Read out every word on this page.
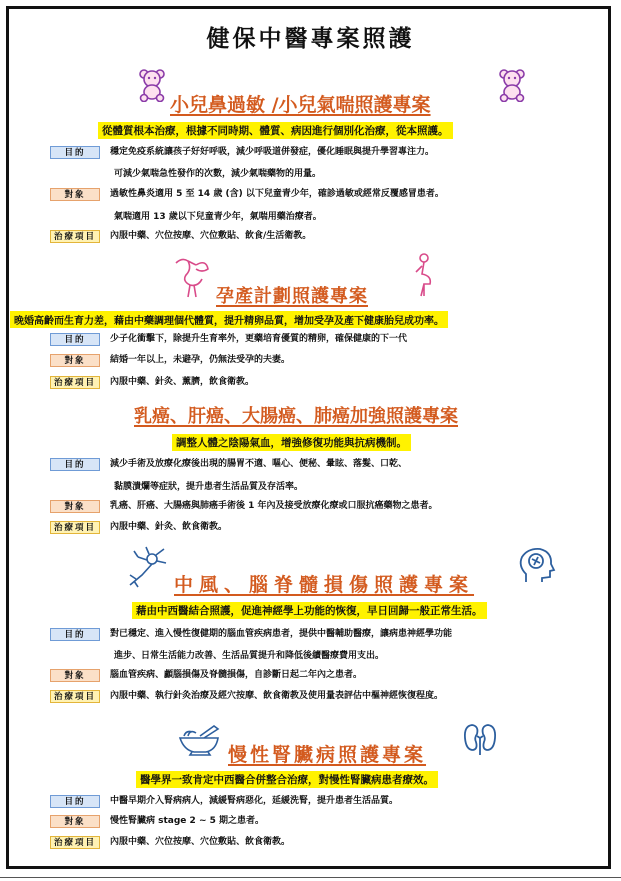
健保中醫專案照護
小兒鼻過敏 /小兒氣喘照護專案
從體質根本治療，根據不同時期、體質、病因進行個別化治療，從本照護。
目的	穩定免疫系統讓孩子好好呼吸，減少呼吸道併發症，優化睡眠與提升學習專注力。
可減少氣喘急性發作的次數，減少氣喘藥物的用量。
對象	過敏性鼻炎適用 5 至 14 歲 (含) 以下兒童青少年，確診過敏或經常反覆感冒患者。
氣喘適用 13 歲以下兒童青少年，氣喘用藥治療者。
治療項目	內服中藥、穴位按摩、穴位敷貼、飲食/生活衛教。
孕產計劃照護專案
晚婚高齡而生育力差，藉由中藥調理個代體質，提升精卵品質，增加受孕及產下健康胎兒成功率。
目的	少子化衝擊下，除提升生育率外，更藥培育優質的精卵，確保健康的下一代
對象	結婚一年以上，未避孕，仍無法受孕的夫妻。
治療項目	內服中藥、針灸、薰臍，飲食衛教。
乳癌、肝癌、大腸癌、肺癌加強照護專案
調整人體之陰陽氣血，增強修復功能與抗病機制。
目的	減少手術及放療化療後出現的腸胃不適、嘔心、便秘、暈眩、落髮、口乾、
黏膜潰爛等症狀，提升患者生活品質及存活率。
對象	乳癌、肝癌、大腸癌與肺癌手術後 1 年內及接受放療化療或口服抗癌藥物之患者。
治療項目	內服中藥、針灸、飲食衛教。
中風、腦脊髓損傷照護專案
藉由中西醫結合照護，促進神經學上功能的恢復，早日回歸一般正常生活。
目的	對已穩定、進入慢性復健期的腦血管疾病患者，提供中醫輔助醫療，讓病患神經學功能
進步、日常生活能力改善、生活品質提升和降低後續醫療費用支出。
對象	腦血管疾病、顱腦損傷及脊髓損傷，自診斷日起二年內之患者。
治療項目	內服中藥、執行針灸治療及經穴按摩、飲食衛教及使用量表評估中樞神經恢復程度。
慢性腎臟病照護專案
醫學界一致肯定中西醫合併整合治療，對慢性腎臟病患者療效。
目的	中醫早期介入腎病病人，減緩腎病惡化，延緩洗腎，提升患者生活品質。
對象	慢性腎臟病 stage 2 ~ 5 期之患者。
治療項目	內服中藥、穴位按摩、穴位敷貼、飲食衛教。
